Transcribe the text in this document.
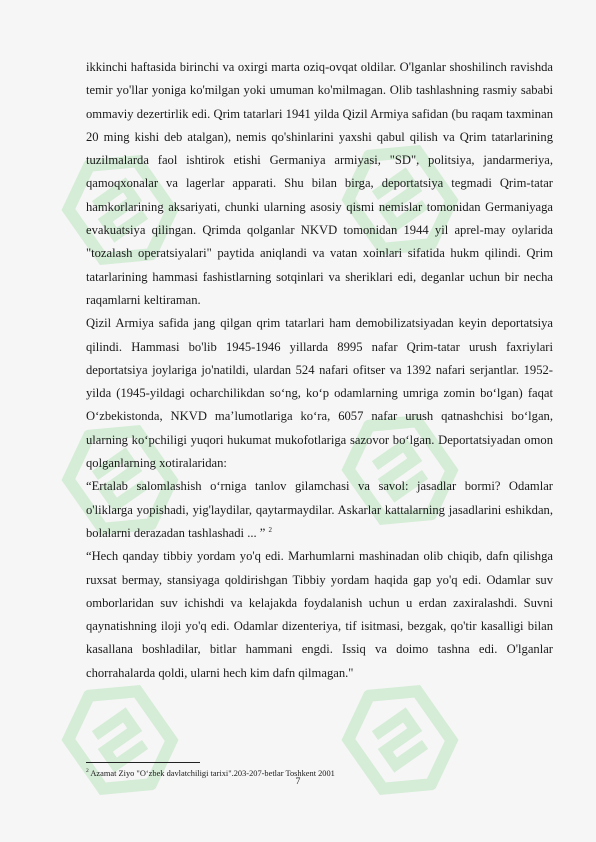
ikkinchi haftasida birinchi va oxirgi marta oziq-ovqat oldilar. O'lganlar shoshilinch ravishda temir yo'llar yoniga ko'milgan yoki umuman ko'milmagan. Olib tashlashning rasmiy sababi ommaviy dezertirlik edi. Qrim tatarlari 1941 yilda Qizil Armiya safidan (bu raqam taxminan 20 ming kishi deb atalgan), nemis qo'shinlarini yaxshi qabul qilish va Qrim tatarlarining tuzilmalarda faol ishtirok etishi Germaniya armiyasi, "SD", politsiya, jandarmeriya, qamoqxonalar va lagerlar apparati. Shu bilan birga, deportatsiya tegmadi Qrim-tatar hamkorlarining aksariyati, chunki ularning asosiy qismi nemislar tomonidan Germaniyaga evakuatsiya qilingan. Qrimda qolganlar NKVD tomonidan 1944 yil aprel-may oylarida "tozalash operatsiyalari" paytida aniqlandi va vatan xoinlari sifatida hukm qilindi. Qrim tatarlarining hammasi fashistlarning sotqinlari va sheriklari edi, deganlar uchun bir necha raqamlarni keltiraman.

Qizil Armiya safida jang qilgan qrim tatarlari ham demobilizatsiyadan keyin deportatsiya qilindi. Hammasi bo'lib 1945-1946 yillarda 8995 nafar Qrim-tatar urush faxriylari deportatsiya joylariga jo'natildi, ulardan 524 nafari ofitser va 1392 nafari serjantlar. 1952-yilda (1945-yildagi ocharchilikdan so‘ng, ko‘p odamlarning umriga zomin bo‘lgan) faqat O‘zbekistonda, NKVD ma’lumotlariga ko‘ra, 6057 nafar urush qatnashchisi bo‘lgan, ularning ko‘pchiligi yuqori hukumat mukofotlariga sazovor bo‘lgan. Deportatsiyadan omon qolganlarning xotiralaridan:

“Ertalab salomlashish o‘rniga tanlov gilamchasi va savol: jasadlar bormi? Odamlar o'liklarga yopishadi, yig'laydilar, qaytarmaydilar. Askarlar kattalarning jasadlarini eshikdan, bolalarni derazadan tashlashadi ... ” $^2$

“Hech qanday tibbiy yordam yo'q edi. Marhumlarni mashinadan olib chiqib, dafn qilishga ruxsat bermay, stansiyaga qoldirishgan Tibbiy yordam haqida gap yo'q edi. Odamlar suv omborlaridan suv ichishdi va kelajakda foydalanish uchun u erdan zaxiralashdi. Suvni qaynatishning iloji yo'q edi. Odamlar dizenteriya, tif isitmasi, bezgak, qo'tir kasalligi bilan kasallana boshladilar, bitlar hammani engdi. Issiq va doimo tashna edi. O'lganlar chorrahalarda qoldi, ularni hech kim dafn qilmagan."

$^2$ Azamat Ziyo "O‘zbek davlatchiligi tarixi".203-207-betlar Toshkent 2001
7
